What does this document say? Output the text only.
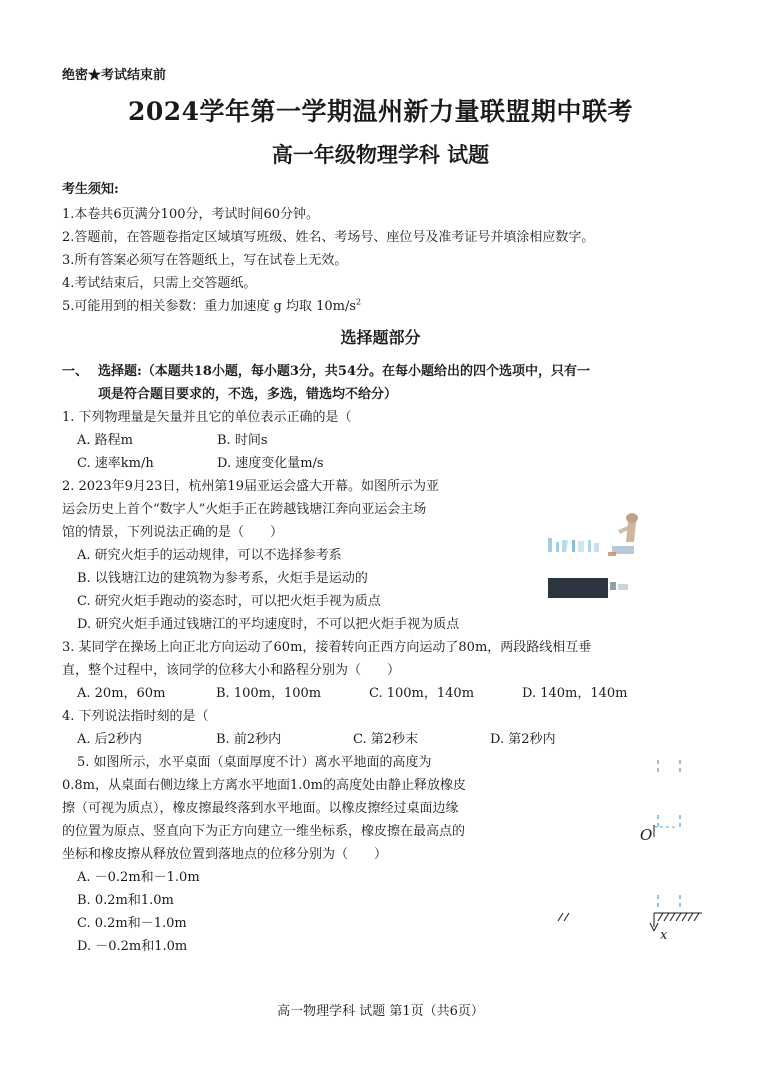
绝密★考试结束前
2024学年第一学期温州新力量联盟期中联考
高一年级物理学科 试题
考生须知:
1.本卷共6页满分100分，考试时间60分钟。
2.答题前，在答题卷指定区域填写班级、姓名、考场号、座位号及准考证号并填涂相应数字。
3.所有答案必须写在答题纸上，写在试卷上无效。
4.考试结束后，只需上交答题纸。
5.可能用到的相关参数：重力加速度 g 均取 $10m/s^2$
选择题部分
一、 选择题:（本题共18小题，每小题3分，共54分。在每小题给出的四个选项中，只有一
项是符合题目要求的，不选，多选，错选均不给分）
1. 下列物理量是矢量并且它的单位表示正确的是（
A. 路程m	B. 时间s
C. 速率km/h	D. 速度变化量m/s
2. 2023年9月23日，杭州第19届亚运会盛大开幕。如图所示为亚
运会历史上首个“数字人”火炬手正在跨越钱塘江奔向亚运会主场
馆的情景，下列说法正确的是（　　）
A. 研究火炬手的运动规律，可以不选择参考系
B. 以钱塘江边的建筑物为参考系，火炬手是运动的
C. 研究火炬手跑动的姿态时，可以把火炬手视为质点
D. 研究火炬手通过钱塘江的平均速度时，不可以把火炬手视为质点
3. 某同学在操场上向正北方向运动了60m，接着转向正西方向运动了80m，两段路线相互垂
直，整个过程中，该同学的位移大小和路程分别为（　　）
A. 20m，60m	B. 100m，100m	C. 100m，140m	D. 140m，140m
4. 下列说法指时刻的是（
A. 后2秒内	B. 前2秒内	C. 第2秒末	D. 第2秒内
5. 如图所示，水平桌面（桌面厚度不计）离水平地面的高度为
0.8m，从桌面右侧边缘上方离水平地面1.0m的高度处由静止释放橡皮
擦（可视为质点），橡皮擦最终落到水平地面。以橡皮擦经过桌面边缘
的位置为原点、竖直向下为正方向建立一维坐标系，橡皮擦在最高点的
坐标和橡皮擦从释放位置到落地点的位移分别为（　　）
A. －0.2m和－1.0m
B. 0.2m和1.0m
C. 0.2m和－1.0m
D. －0.2m和1.0m
O
x
高一物理学科 试题 第1页（共6页）
